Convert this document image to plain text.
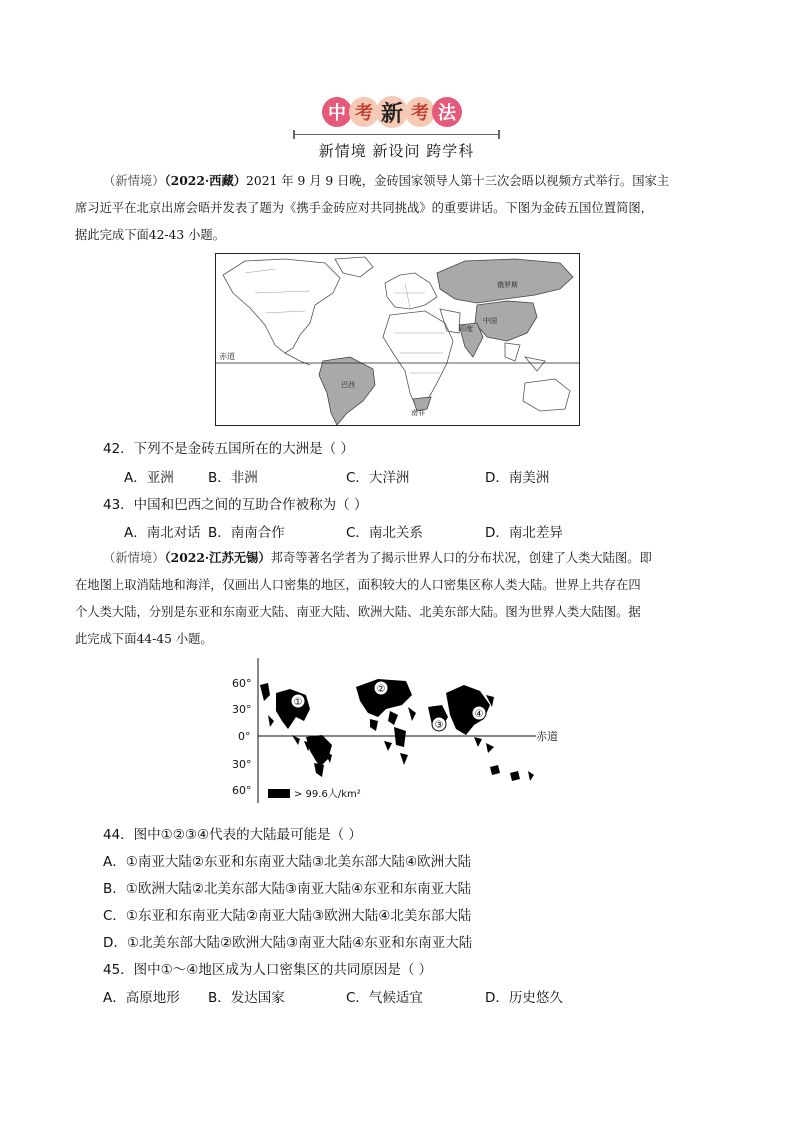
中 考 新 考 法
新情境 新设问 跨学科
（新情境）（2022·西藏）2021 年 9 月 9 日晚，金砖国家领导人第十三次会晤以视频方式举行。国家主
席习近平在北京出席会晤并发表了题为《携手金砖应对共同挑战》的重要讲话。下图为金砖五国位置简图，
据此完成下面42-43 小题。
赤道
俄罗斯
中国
印度
巴西
南非
42．下列不是金砖五国所在的大洲是（ ）
A．亚洲	B．非洲	C．大洋洲	D．南美洲
43．中国和巴西之间的互助合作被称为（ ）
A．南北对话 B．南南合作	C．南北关系	D．南北差异
（新情境）（2022·江苏无锡）邦奇等著名学者为了揭示世界人口的分布状况，创建了人类大陆图。即
在地图上取消陆地和海洋，仅画出人口密集的地区，面积较大的人口密集区称人类大陆。世界上共存在四
个人类大陆，分别是东亚和东南亚大陆、南亚大陆、欧洲大陆、北美东部大陆。图为世界人类大陆图。据
此完成下面44-45 小题。
60°
30°
0°
30°
60°
赤道
①
②
③
④
> 99.6人/km²
44．图中①②③④代表的大陆最可能是（ ）
A．①南亚大陆②东亚和东南亚大陆③北美东部大陆④欧洲大陆
B．①欧洲大陆②北美东部大陆③南亚大陆④东亚和东南亚大陆
C．①东亚和东南亚大陆②南亚大陆③欧洲大陆④北美东部大陆
D．①北美东部大陆②欧洲大陆③南亚大陆④东亚和东南亚大陆
45．图中①～④地区成为人口密集区的共同原因是（ ）
A．高原地形 B．发达国家	C．气候适宜	D．历史悠久
